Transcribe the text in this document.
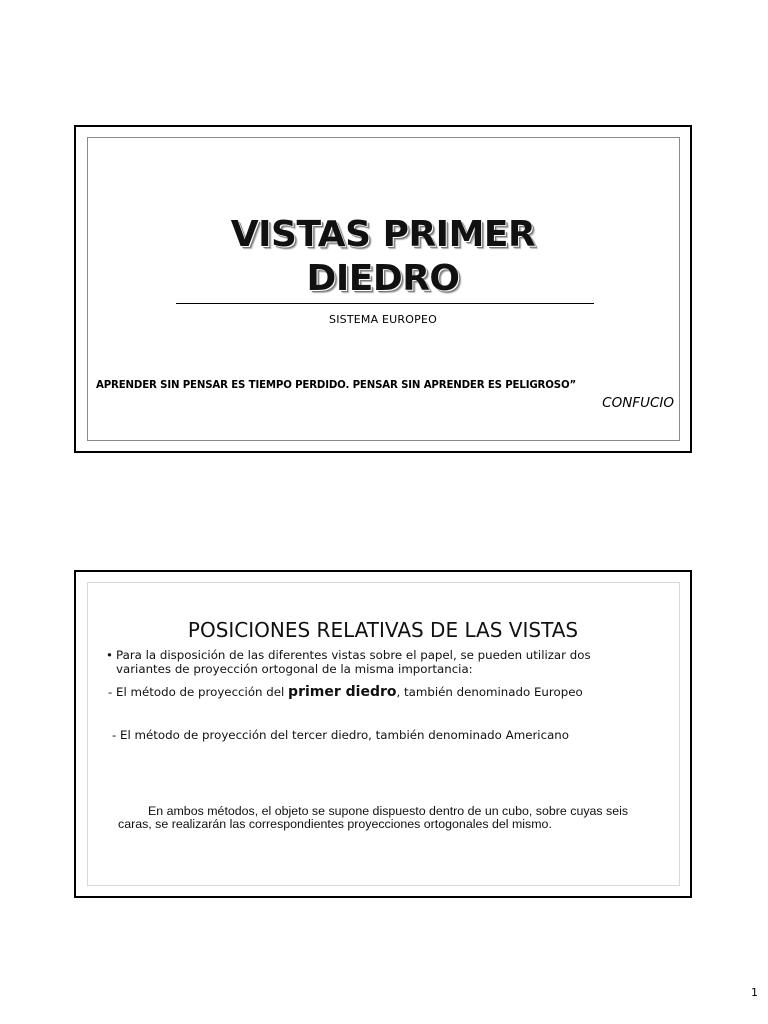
VISTAS PRIMER
DIEDRO
SISTEMA EUROPEO
APRENDER SIN PENSAR ES TIEMPO PERDIDO. PENSAR SIN APRENDER ES PELIGROSO”
CONFUCIO
POSICIONES RELATIVAS DE LAS VISTAS
• Para la disposición de las diferentes vistas sobre el papel, se pueden utilizar dos variantes de proyección ortogonal de la misma importancia:
- El método de proyección del primer diedro, también denominado Europeo
- El método de proyección del tercer diedro, también denominado Americano
En ambos métodos, el objeto se supone dispuesto dentro de un cubo, sobre cuyas seis caras, se realizarán las correspondientes proyecciones ortogonales del mismo.
1
